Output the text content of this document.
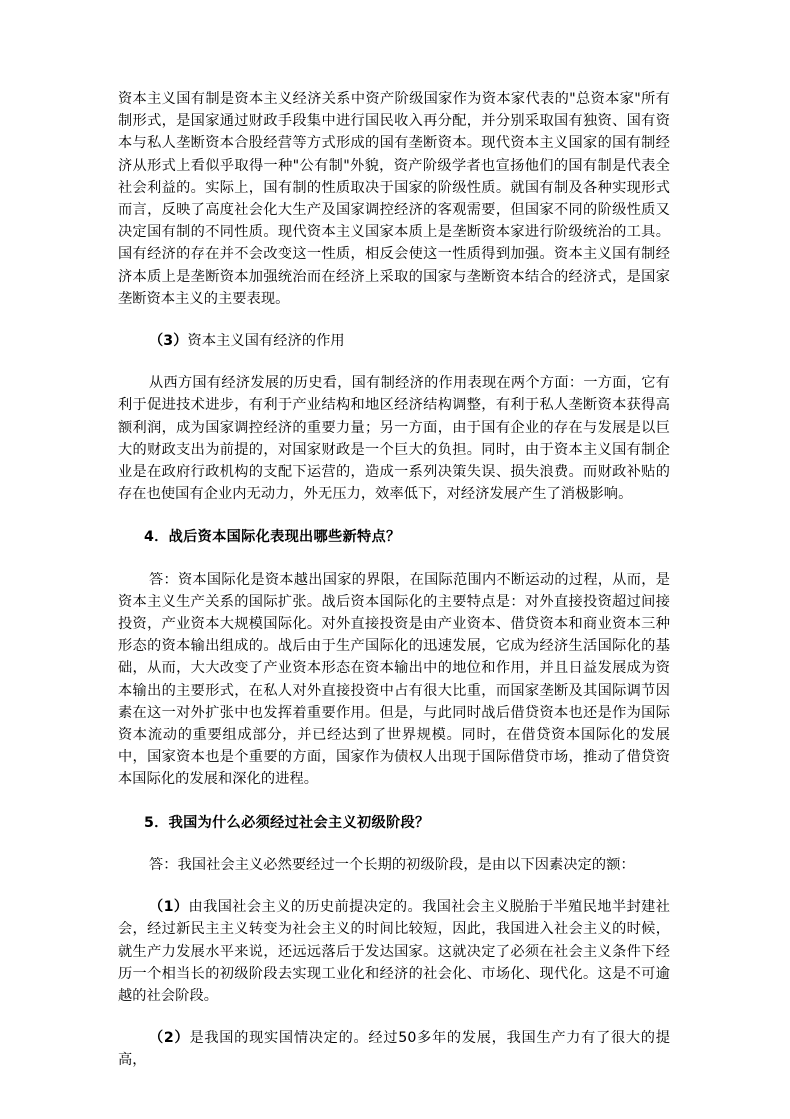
资本主义国有制是资本主义经济关系中资产阶级国家作为资本家代表的"总资本家"所有制形式，是国家通过财政手段集中进行国民收入再分配，并分别采取国有独资、国有资本与私人垄断资本合股经营等方式形成的国有垄断资本。现代资本主义国家的国有制经济从形式上看似乎取得一种"公有制"外貌，资产阶级学者也宣扬他们的国有制是代表全社会利益的。实际上，国有制的性质取决于国家的阶级性质。就国有制及各种实现形式而言，反映了高度社会化大生产及国家调控经济的客观需要，但国家不同的阶级性质又决定国有制的不同性质。现代资本主义国家本质上是垄断资本家进行阶级统治的工具。国有经济的存在并不会改变这一性质，相反会使这一性质得到加强。资本主义国有制经济本质上是垄断资本加强统治而在经济上采取的国家与垄断资本结合的经济式，是国家垄断资本主义的主要表现。

（3）资本主义国有经济的作用

从西方国有经济发展的历史看，国有制经济的作用表现在两个方面：一方面，它有利于促进技术进步，有利于产业结构和地区经济结构调整，有利于私人垄断资本获得高额利润，成为国家调控经济的重要力量；另一方面，由于国有企业的存在与发展是以巨大的财政支出为前提的，对国家财政是一个巨大的负担。同时，由于资本主义国有制企业是在政府行政机构的支配下运营的，造成一系列决策失误、损失浪费。而财政补贴的存在也使国有企业内无动力，外无压力，效率低下，对经济发展产生了消极影响。

4．战后资本国际化表现出哪些新特点？

答：资本国际化是资本越出国家的界限，在国际范围内不断运动的过程，从而，是资本主义生产关系的国际扩张。战后资本国际化的主要特点是：对外直接投资超过间接投资，产业资本大规模国际化。对外直接投资是由产业资本、借贷资本和商业资本三种形态的资本输出组成的。战后由于生产国际化的迅速发展，它成为经济生活国际化的基础，从而，大大改变了产业资本形态在资本输出中的地位和作用，并且日益发展成为资本输出的主要形式，在私人对外直接投资中占有很大比重，而国家垄断及其国际调节因素在这一对外扩张中也发挥着重要作用。但是，与此同时战后借贷资本也还是作为国际资本流动的重要组成部分，并已经达到了世界规模。同时，在借贷资本国际化的发展中，国家资本也是个重要的方面，国家作为债权人出现于国际借贷市场，推动了借贷资本国际化的发展和深化的进程。

5．我国为什么必须经过社会主义初级阶段？

答：我国社会主义必然要经过一个长期的初级阶段，是由以下因素决定的额：

（1）由我国社会主义的历史前提决定的。我国社会主义脱胎于半殖民地半封建社会，经过新民主主义转变为社会主义的时间比较短，因此，我国进入社会主义的时候，就生产力发展水平来说，还远远落后于发达国家。这就决定了必须在社会主义条件下经历一个相当长的初级阶段去实现工业化和经济的社会化、市场化、现代化。这是不可逾越的社会阶段。

（2）是我国的现实国情决定的。经过50多年的发展，我国生产力有了很大的提高，
